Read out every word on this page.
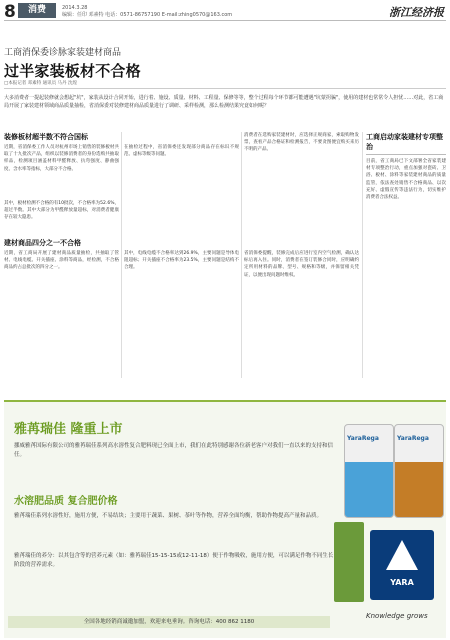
8	消费	2014.3.28
编辑：任印 邓素特 电话：0571-86757190 E-mail:zhing0570@163.com	浙江经济报
工商消保委诊脉家装建材商品
过半家装板材不合格
□本报记者 邓素特 通讯员 马丹 沈煌
大多消费者一提起装修就会想起"坑"，家装从设计合同开始，进行着、施设、质量、材料、工程量、保修等等，整个过程每个环节都可能遭遇"坑蒙拐骗"，使用的建材也常常令人担忧……对此，省工商局开展了家装建材领域商品质量抽检，省消保委对装修建材商品质量进行了调研、采样检测，那么检测结果究竟如何呢？
装修板材超半数不符合国标
近期，省消保委工作人员对杭州市场上销售的装修板材共取了十九批次产品，组织以装修消费者的身份选购共抽取样品，检测项目涵盖材料甲醛释放、抗弯强度、静曲强度、含水率等指标，大部分不合格。
其中，板材检测不合格的有10批次，不合格率为52.6%，超过半数。其中大部分为甲醛释放量超标，对消费者健康存在较大隐患。
在抽检过程中，省消保委还发现部分商品存在标识不规范、虚标等级等问题。
建材商品四分之一不合格
近期，省工商局开展了建材商品质量抽检，共抽取了管材、电线电缆、开关插座、涂料等商品，经检测，不合格商品约占总批次的四分之一。
其中，电线电缆不合格率达到26.9%，主要问题是导体电阻超标；开关插座不合格率为23.5%，主要问题是结构不合理。
消费者在选购家装建材时，应选择正规商家，索取购物发票，查看产品合格证和检测报告，不要贪图便宜购买来历不明的产品。
省消保委提醒，装修完成后应进行室内空气检测，确认达标后再入住。同时，消费者在签订装修合同时，应明确约定所用材料的品牌、型号、规格和等级，并保留相关凭证，以便出现问题时维权。
工商启动家装建材专项整治
目前，省工商局已下文部署全省家装建材专项整治行动，重点加强对瓷砖、卫浴、板材、涂料等家装建材商品的质量监管，依法查处销售不合格商品、以次充好、虚假宣传等违法行为，切实维护消费者合法权益。
雅苒瑞佳 隆重上市
挪威雅苒国际有限公司的雅苒瑞佳系列高水溶性复合肥料现已全面上市，我们在此特别感谢各位新老客户对我们一直以来的支持和信任。
水溶肥品质 复合肥价格
雅苒瑞佳系列水溶性好，施用方便，不易结块；主要用于蔬菜、果树、茶叶等作物，营养全面均衡，帮助作物提高产量和品质。
雅苒瑞佳的养分：以其包含等的营养元素（如：雅苒瑞佳15-15-15或12-11-18）便于作物吸收，施用方便，可以满足作物不同生长阶段的营养需求。
全国各地经销商诚邀加盟，欢迎来电垂询。咨询电话：400 862 1180
YaraRega	YaraRega
YARA
Knowledge grows
